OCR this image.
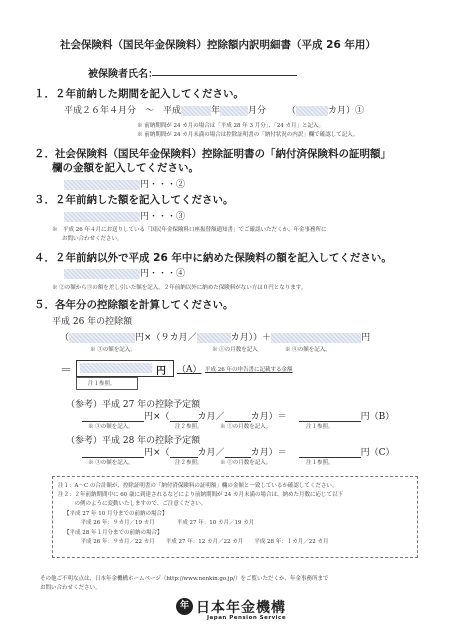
社会保険料（国民年金保険料）控除額内訳明細書（平成 26 年用）
被保険者氏名：
１．２年前納した期間を記入してください。
平成２６年４月分　～　平成	年	月分 （	カ月）①
※ 前納期間が 24 カ月の場合は「平成 28 年 3 月分」、「24 カ月」と記入。
※ 前納期間が 24 カ月未満の場合は控除証明書の「納付状況の内訳」欄で確認して記入。
２．社会保険料（国民年金保険料）控除証明書の「納付済保険料の証明額」
欄の金額を記入してください。
円・・・②
３．２年前納した額を記入してください。
円・・・③
※　平成 26 年４月にお送りしている「国民年金保険料口座振替額通知書」でご確認いただくか、年金事務所に
お問い合わせください。
４．２年前納以外で平成 26 年中に納めた保険料の額を記入してください。
円・・・④
※ ②の額から③の額を差し引いた額を記入。２年前納以外に納めた保険料がない方は０円となります。
５．各年分の控除額を計算してください。
平成 26 年の控除額
（	円×（９カ月／	カ月））＋	円
※ ③の額を記入。	※ ①の月数を記入	※ ④の額を記入。
＝	円 （A） 平成 26 年の申告書に記載する金額
注１参照。
（参考）平成 27 年の控除予定額
円×（	カ月／	カ月）＝	円（B）
※ ③の額を記入。	注２参照。	※ ①の月数を記入。	注１参照。
（参考）平成 28 年の控除予定額
円×（	カ月／	カ月）＝	円（C）
※ ③の額を記入。	注２参照。	※ ①の月数を記入。	注１参照。
注１：A～C の合計額が、控除証明書の「納付済保険料の証明額」欄の金額と一致しているか確認してください。
注２：２年前納期間中に 60 歳に到達されるなどにより前納期間が 24 カ月未満の場合は、納めた月数に応じて以下
　　　の例のように変動いたしますので、ご注意ください。
【平成 27 年 10 月分までの前納の場合】
　　　平成 26 年：９カ月／19 カ月　　　　平成 27 年：10 カ月／19 カ月
【平成 28 年１月分までの前納の場合】
　　　平成 26 年：９カ月／22 カ月　　平成 27 年：12 カ月／22 カ月　　平成 28 年：１カ月／22 カ月
その他ご不明な点は、日本年金機構ホームページ（http://www.nenkin.go.jp/）をご覧いただくか、年金事務所まで
お問い合わせください。
年 日本年金機構
Japan Pension Service
